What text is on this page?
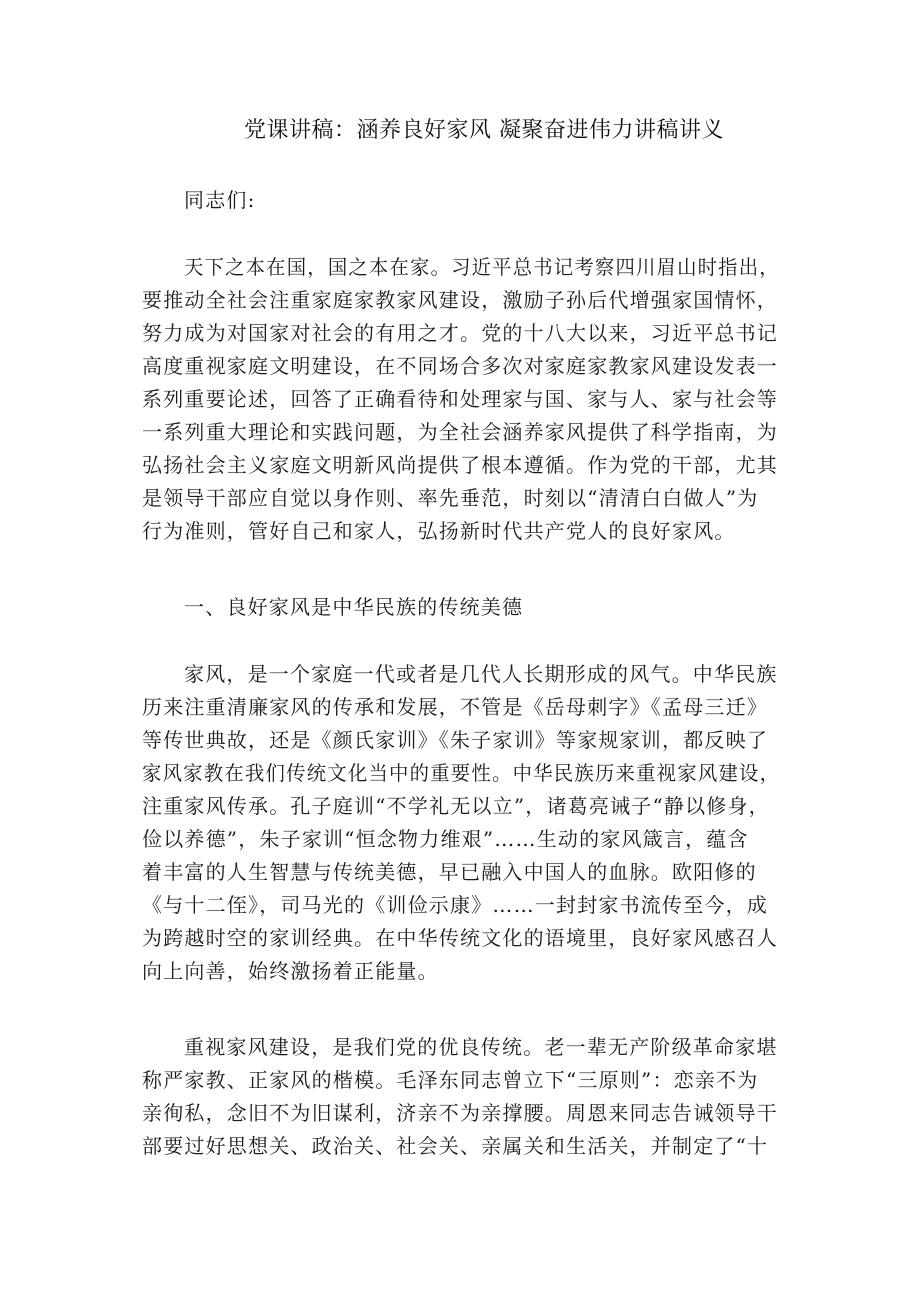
党课讲稿：涵养良好家风 凝聚奋进伟力讲稿讲义
同志们:
天下之本在国，国之本在家。习近平总书记考察四川眉山时指出，
要推动全社会注重家庭家教家风建设，激励子孙后代增强家国情怀，
努力成为对国家对社会的有用之才。党的十八大以来，习近平总书记
高度重视家庭文明建设，在不同场合多次对家庭家教家风建设发表一
系列重要论述，回答了正确看待和处理家与国、家与人、家与社会等
一系列重大理论和实践问题，为全社会涵养家风提供了科学指南，为
弘扬社会主义家庭文明新风尚提供了根本遵循。作为党的干部，尤其
是领导干部应自觉以身作则、率先垂范，时刻以“清清白白做人”为
行为准则，管好自己和家人，弘扬新时代共产党人的良好家风。
一、良好家风是中华民族的传统美德
家风，是一个家庭一代或者是几代人长期形成的风气。中华民族
历来注重清廉家风的传承和发展，不管是《岳母刺字》《孟母三迁》
等传世典故，还是《颜氏家训》《朱子家训》等家规家训，都反映了
家风家教在我们传统文化当中的重要性。中华民族历来重视家风建设，
注重家风传承。孔子庭训“不学礼无以立”，诸葛亮诫子“静以修身，
俭以养德”，朱子家训“恒念物力维艰”……生动的家风箴言，蕴含
着丰富的人生智慧与传统美德，早已融入中国人的血脉。欧阳修的
《与十二侄》，司马光的《训俭示康》……一封封家书流传至今，成
为跨越时空的家训经典。在中华传统文化的语境里，良好家风感召人
向上向善，始终激扬着正能量。
重视家风建设，是我们党的优良传统。老一辈无产阶级革命家堪
称严家教、正家风的楷模。毛泽东同志曾立下“三原则”：恋亲不为
亲徇私，念旧不为旧谋利，济亲不为亲撑腰。周恩来同志告诫领导干
部要过好思想关、政治关、社会关、亲属关和生活关，并制定了“十
